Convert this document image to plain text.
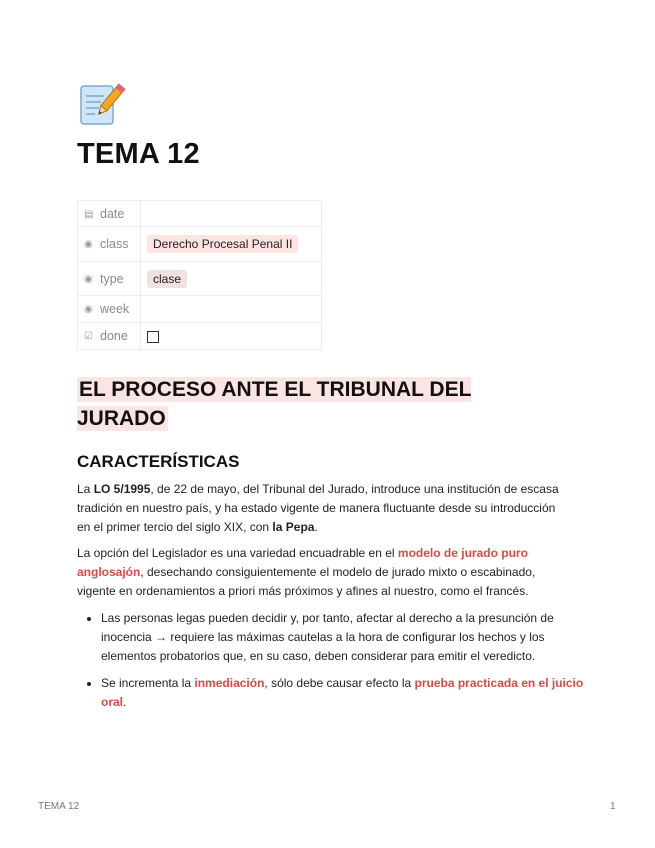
TEMA 12
▤ date	
◉ class	Derecho Procesal Penal II
◉ type	clase
◉ week	
☑ done	
EL PROCESO ANTE EL TRIBUNAL DEL JURADO
CARACTERÍSTICAS

La LO 5/1995, de 22 de mayo, del Tribunal del Jurado, introduce una institución de escasa tradición en nuestro país, y ha estado vigente de manera fluctuante desde su introducción en el primer tercio del siglo XIX, con la Pepa.

La opción del Legislador es una variedad encuadrable en el modelo de jurado puro anglosajón, desechando consiguientemente el modelo de jurado mixto o escabinado, vigente en ordenamientos a priori más próximos y afines al nuestro, como el francés.

• Las personas legas pueden decidir y, por tanto, afectar al derecho a la presunción de inocencia → requiere las máximas cautelas a la hora de configurar los hechos y los elementos probatorios que, en su caso, deben considerar para emitir el veredicto.
• Se incrementa la inmediación, sólo debe causar efecto la prueba practicada en el juicio oral.
TEMA 12	1
